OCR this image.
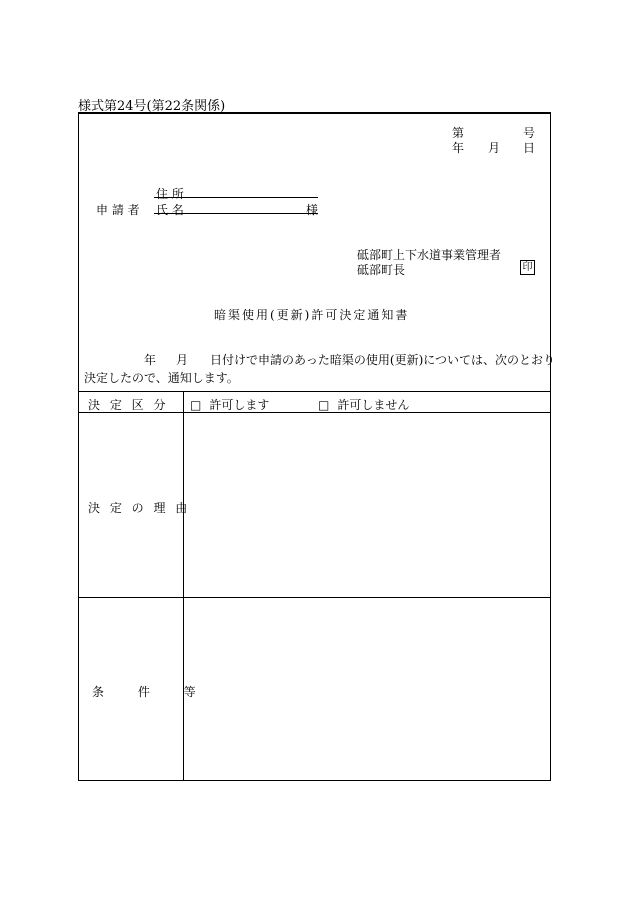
様式第24号(第22条関係)
第	号
年 月 日
住 所
申 請 者 氏 名	様
砥部町上下水道事業管理者
砥部町長	印
暗渠使用(更新)許可決定通知書
年 月 日付けで申請のあった暗渠の使用(更新)については、次のとおり
決定したので、通知します。
決 定 区 分 □ 許可します	□ 許可しません
決 定 の 理 由
条　 件　 等
